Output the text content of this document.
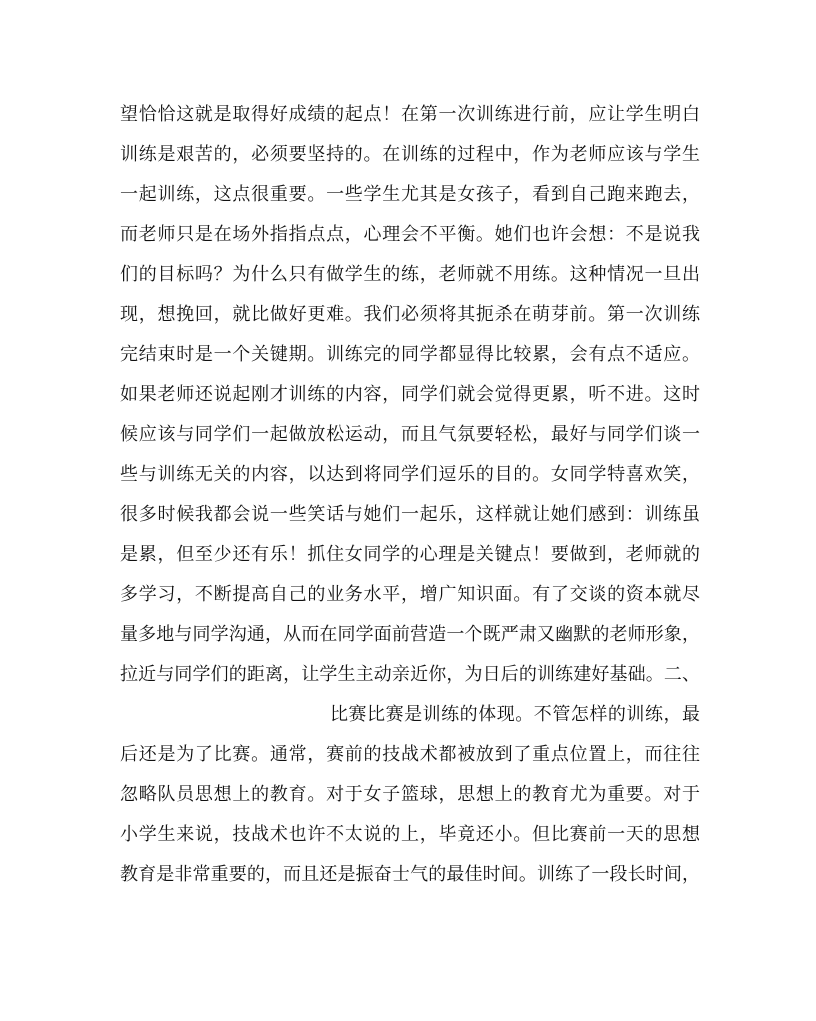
望恰恰这就是取得好成绩的起点！在第一次训练进行前，应让学生明白
训练是艰苦的，必须要坚持的。在训练的过程中，作为老师应该与学生
一起训练，这点很重要。一些学生尤其是女孩子，看到自己跑来跑去，
而老师只是在场外指指点点，心理会不平衡。她们也许会想：不是说我
们的目标吗？为什么只有做学生的练，老师就不用练。这种情况一旦出
现，想挽回，就比做好更难。我们必须将其扼杀在萌芽前。第一次训练
完结束时是一个关键期。训练完的同学都显得比较累，会有点不适应。
如果老师还说起刚才训练的内容，同学们就会觉得更累，听不进。这时
候应该与同学们一起做放松运动，而且气氛要轻松，最好与同学们谈一
些与训练无关的内容，以达到将同学们逗乐的目的。女同学特喜欢笑，
很多时候我都会说一些笑话与她们一起乐，这样就让她们感到：训练虽
是累，但至少还有乐！抓住女同学的心理是关键点！要做到，老师就的
多学习，不断提高自己的业务水平，增广知识面。有了交谈的资本就尽
量多地与同学沟通，从而在同学面前营造一个既严肃又幽默的老师形象，
拉近与同学们的距离，让学生主动亲近你，为日后的训练建好基础。二、
比赛比赛是训练的体现。不管怎样的训练，最
后还是为了比赛。通常，赛前的技战术都被放到了重点位置上，而往往
忽略队员思想上的教育。对于女子篮球，思想上的教育尤为重要。对于
小学生来说，技战术也许不太说的上，毕竟还小。但比赛前一天的思想
教育是非常重要的，而且还是振奋士气的最佳时间。训练了一段长时间，
